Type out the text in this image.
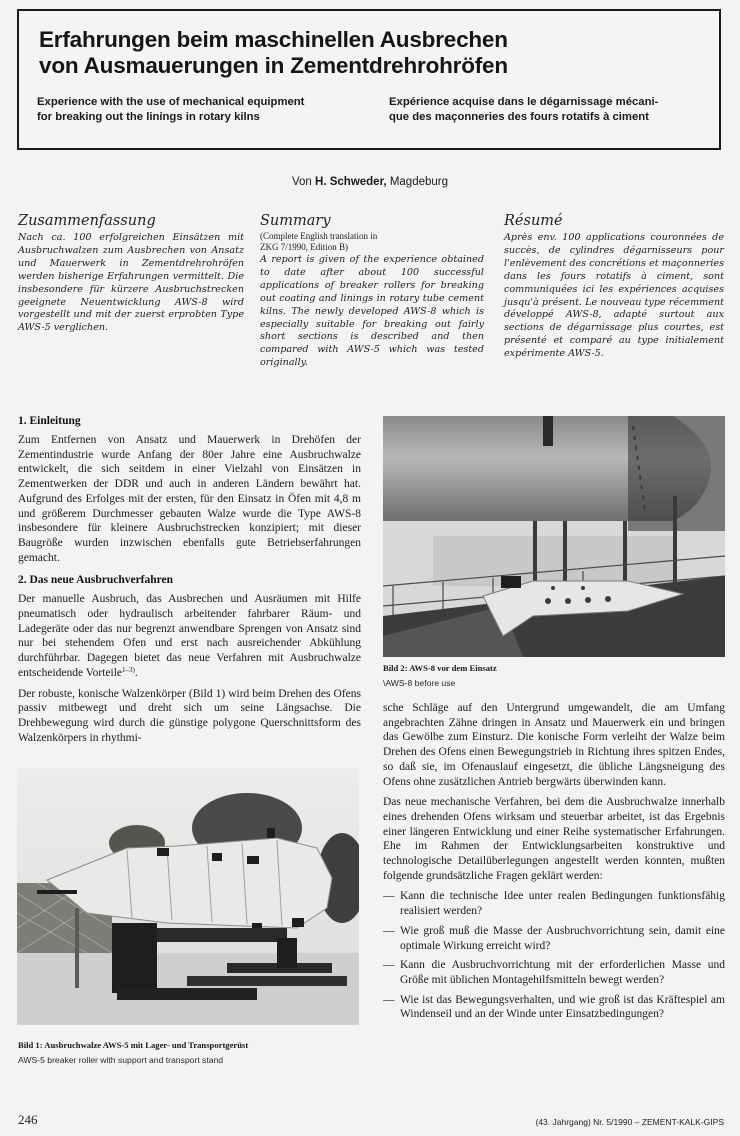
Erfahrungen beim maschinellen Ausbrechen
von Ausmauerungen in Zementdrehrohröfen
Experience with the use of mechanical equipment
for breaking out the linings in rotary kilns
Expérience acquise dans le dégarnissage mécani-
que des maçonneries des fours rotatifs à ciment
Von H. Schweder, Magdeburg
Zusammenfassung
Nach ca. 100 erfolgreichen Einsätzen mit Ausbruchwalzen zum Ausbrechen von Ansatz und Mauerwerk in Zementdrehrohröfen werden bisherige Erfahrungen vermittelt. Die insbesondere für kürzere Ausbruchstrecken geeignete Neuentwicklung AWS-8 wird vorgestellt und mit der zuerst erprobten Type AWS-5 verglichen.
Summary
(Complete English translation in
ZKG 7/1990, Edition B)
A report is given of the experience obtained to date after about 100 successful applications of breaker rollers for breaking out coating and linings in rotary tube cement kilns. The newly developed AWS-8 which is especially suitable for breaking out fairly short sections is described and then compared with AWS-5 which was tested originally.
Résumé
Après env. 100 applications couronnées de succès, de cylindres dégarnisseurs pour l'enlèvement des concrétions et maçonneries dans les fours rotatifs à ciment, sont communiquées ici les expériences acquises jusqu'à présent. Le nouveau type récemment développé AWS-8, adapté surtout aux sections de dégarnissage plus courtes, est présenté et comparé au type initialement expérimente AWS-5.
1. Einleitung

Zum Entfernen von Ansatz und Mauerwerk in Drehöfen der Zementindustrie wurde Anfang der 80er Jahre eine Ausbruchwalze entwickelt, die sich seitdem in einer Vielzahl von Einsätzen in Zementwerken der DDR und auch in anderen Ländern bewährt hat. Aufgrund des Erfolges mit der ersten, für den Einsatz in Öfen mit 4,8 m und größerem Durchmesser gebauten Walze wurde die Type AWS-8 insbesondere für kleinere Ausbruchstrecken konzipiert; mit dieser Baugröße wurden inzwischen ebenfalls gute Betriebserfahrungen gemacht.

2. Das neue Ausbruchverfahren

Der manuelle Ausbruch, das Ausbrechen und Ausräumen mit Hilfe pneumatisch oder hydraulisch arbeitender fahrbarer Räum- und Ladegeräte oder das nur begrenzt anwendbare Sprengen von Ansatz sind nur bei stehendem Ofen und erst nach ausreichender Abkühlung durchführbar. Dagegen bietet das neue Verfahren mit Ausbruchwalze entscheidende Vorteile$^{1-3)}$.

Der robuste, konische Walzenkörper (Bild 1) wird beim Drehen des Ofens passiv mitbewegt und dreht sich um seine Längsachse. Die Drehbewegung wird durch die günstige polygone Querschnittsform des Walzenkörpers in rhythmi-

Bild 1: Ausbruchwalze AWS-5 mit Lager- und Transportgerüst
AWS-5 breaker roller with support and transport stand
Bild 2: AWS-8 vor dem Einsatz
\AWS-8 before use

sche Schläge auf den Untergrund umgewandelt, die am Umfang angebrachten Zähne dringen in Ansatz und Mauerwerk ein und bringen das Gewölbe zum Einsturz. Die konische Form verleiht der Walze beim Drehen des Ofens einen Bewegungstrieb in Richtung ihres spitzen Endes, so daß sie, im Ofenauslauf eingesetzt, die übliche Längsneigung des Ofens ohne zusätzlichen Antrieb bergwärts überwinden kann.

Das neue mechanische Verfahren, bei dem die Ausbruchwalze innerhalb eines drehenden Ofens wirksam und steuerbar arbeitet, ist das Ergebnis einer längeren Entwicklung und einer Reihe systematischer Erfahrungen. Ehe im Rahmen der Entwicklungsarbeiten konstruktive und technologische Detailüberlegungen angestellt werden konnten, mußten folgende grundsätzliche Fragen geklärt werden:

— Kann die technische Idee unter realen Bedingungen funktionsfähig realisiert werden?
— Wie groß muß die Masse der Ausbruchvorrichtung sein, damit eine optimale Wirkung erreicht wird?
— Kann die Ausbruchvorrichtung mit der erforderlichen Masse und Größe mit üblichen Montagehilfsmitteln bewegt werden?
— Wie ist das Bewegungsverhalten, und wie groß ist das Kräftespiel am Windenseil und an der Winde unter Einsatzbedingungen?
246	(43. Jahrgang) Nr. 5/1990 – ZEMENT-KALK-GIPS
